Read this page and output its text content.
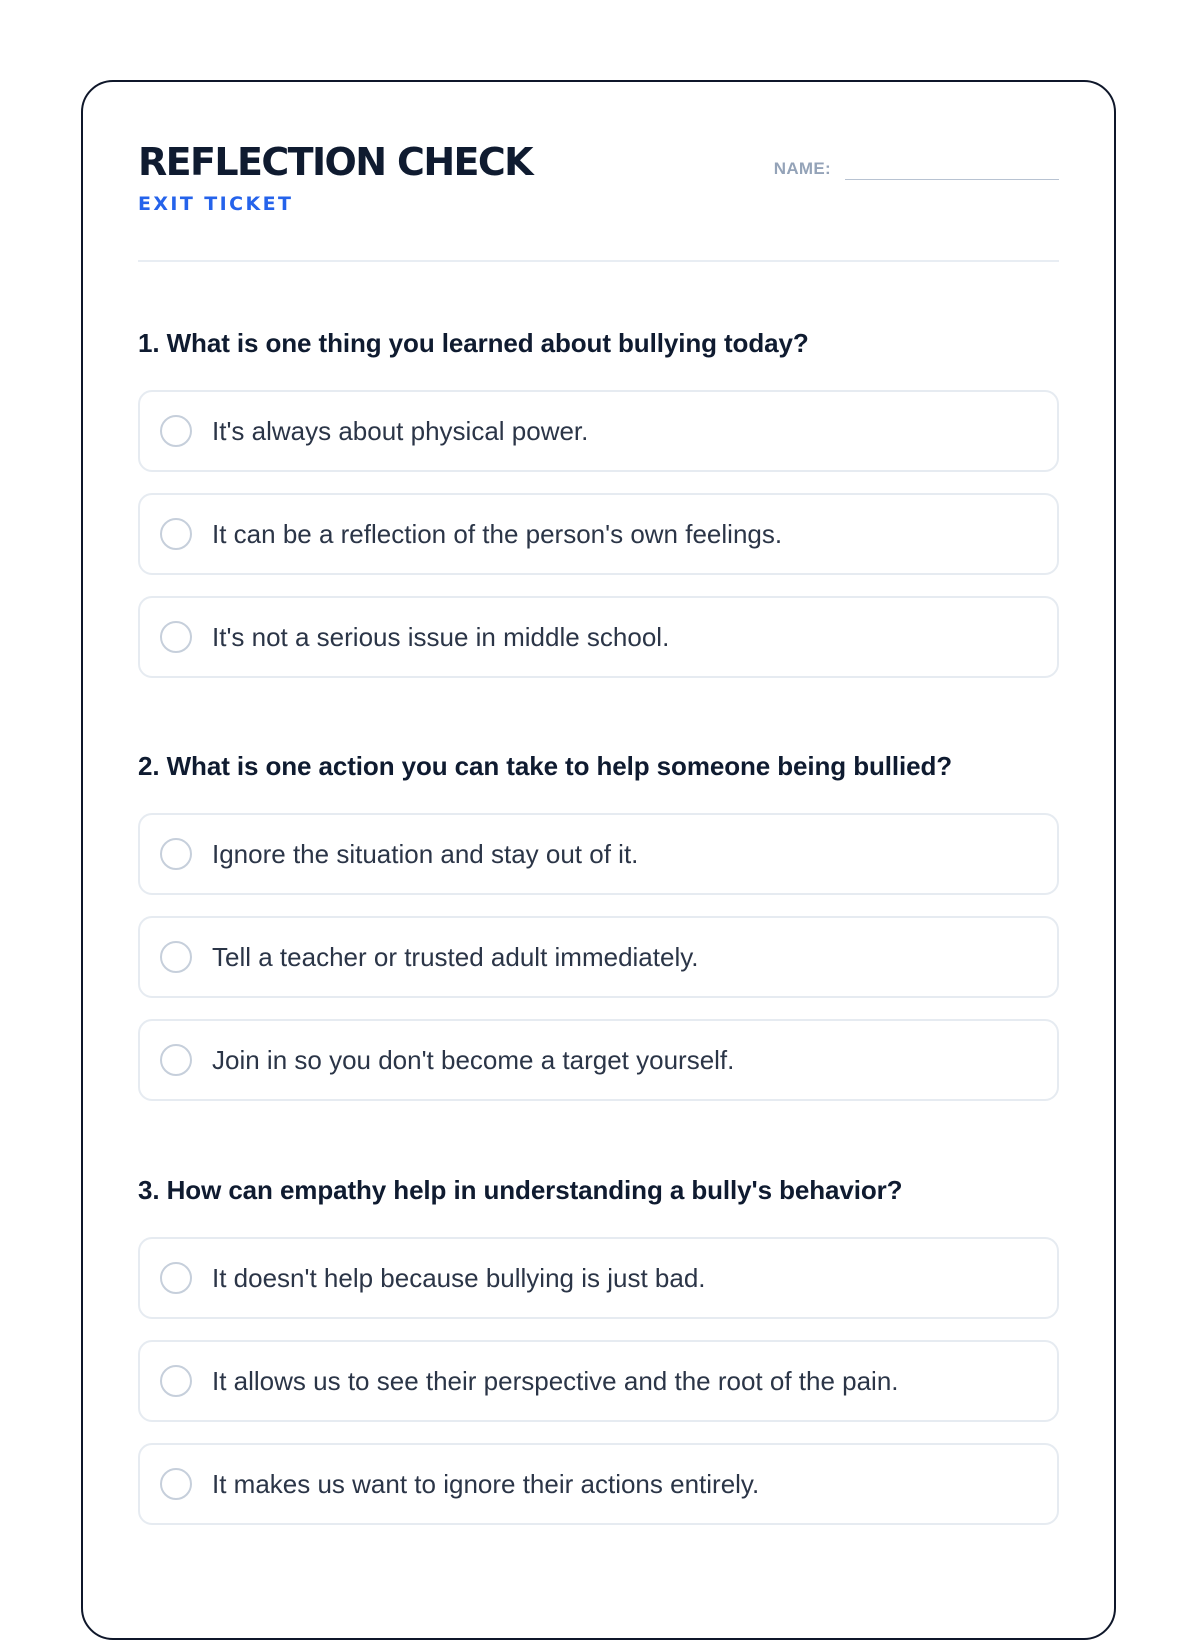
REFLECTION CHECK
EXIT TICKET
NAME:

1. What is one thing you learned about bullying today?

It's always about physical power.
It can be a reflection of the person's own feelings.
It's not a serious issue in middle school.

2. What is one action you can take to help someone being bullied?

Ignore the situation and stay out of it.
Tell a teacher or trusted adult immediately.
Join in so you don't become a target yourself.

3. How can empathy help in understanding a bully's behavior?

It doesn't help because bullying is just bad.
It allows us to see their perspective and the root of the pain.
It makes us want to ignore their actions entirely.
